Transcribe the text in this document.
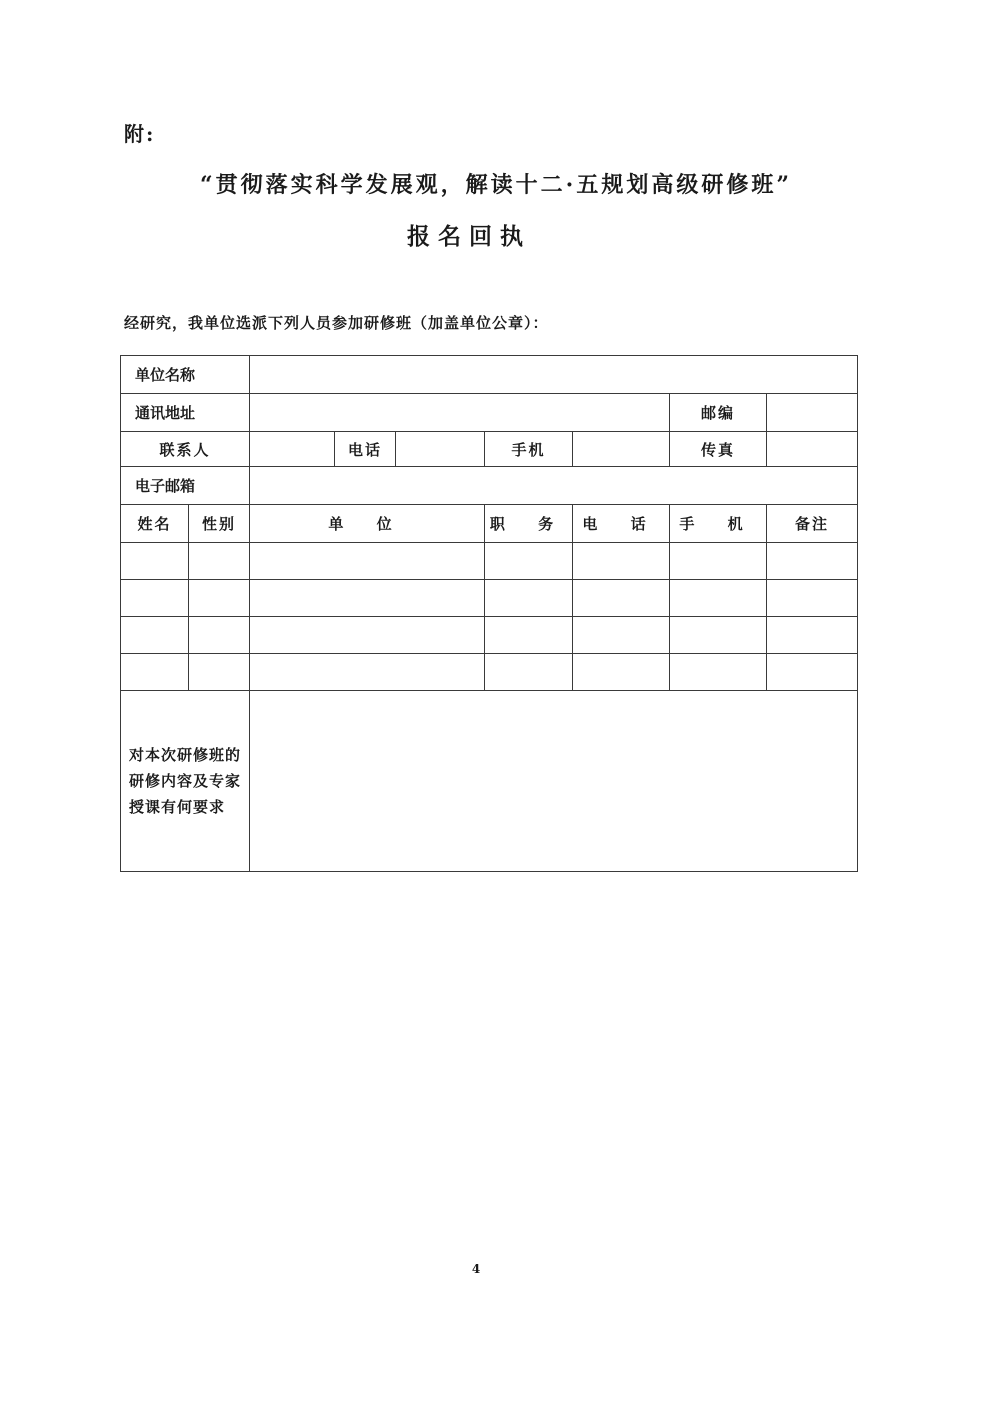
附:
“贯彻落实科学发展观，解读十二·五规划高级研修班”
报名回执
经研究，我单位选派下列人员参加研修班（加盖单位公章）：
单位名称								
通讯地址							邮编	
联系人			电话		手机		传真	
电子邮箱								
姓名	性别	单 位			职 务	电 话	手 机	备注

对本次研修班的研修内容及专家授课有何要求								
4
